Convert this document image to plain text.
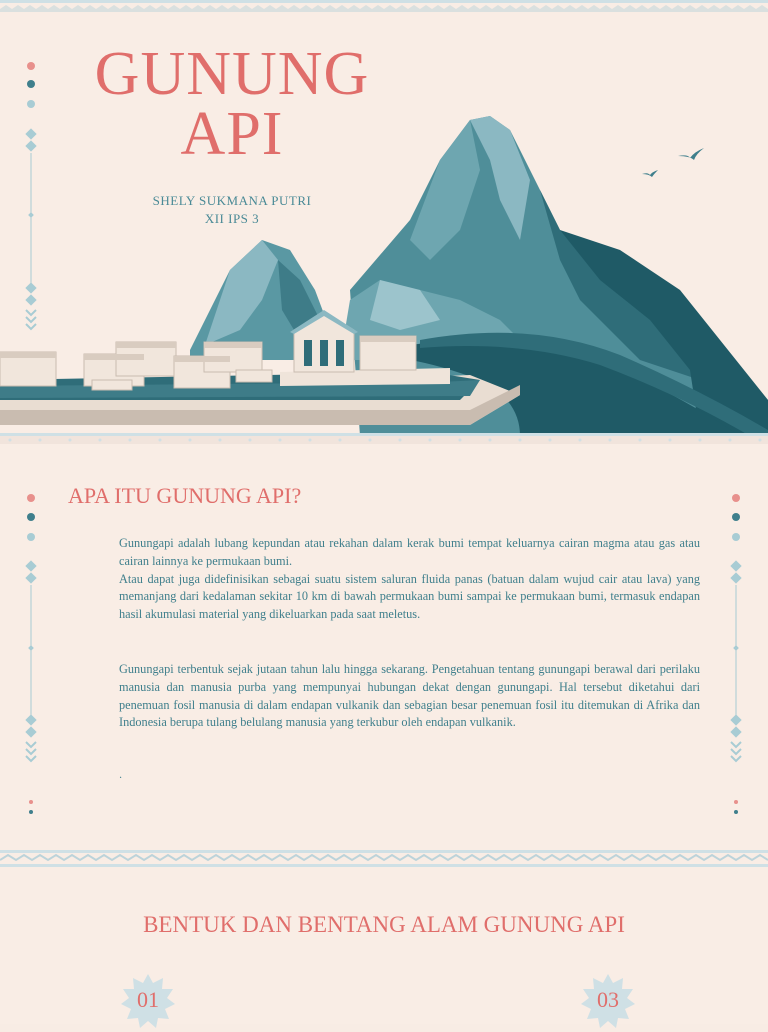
GUNUNG
API
SHELY SUKMANA PUTRI
XII IPS 3
APA ITU GUNUNG API?

Gunungapi adalah lubang kepundan atau rekahan dalam kerak bumi tempat keluarnya cairan magma atau gas atau cairan lainnya ke permukaan bumi.

Atau dapat juga didefinisikan sebagai suatu sistem saluran fluida panas (batuan dalam wujud cair atau lava) yang memanjang dari kedalaman sekitar 10 km di bawah permukaan bumi sampai ke permukaan bumi, termasuk endapan hasil akumulasi material yang dikeluarkan pada saat meletus.

Gunungapi terbentuk sejak jutaan tahun lalu hingga sekarang. Pengetahuan tentang gunungapi berawal dari perilaku manusia dan manusia purba yang mempunyai hubungan dekat dengan gunungapi. Hal tersebut diketahui dari penemuan fosil manusia di dalam endapan vulkanik dan sebagian besar penemuan fosil itu ditemukan di Afrika dan Indonesia berupa tulang belulang manusia yang terkubur oleh endapan vulkanik.

.
BENTUK DAN BENTANG ALAM GUNUNG API
01	03
